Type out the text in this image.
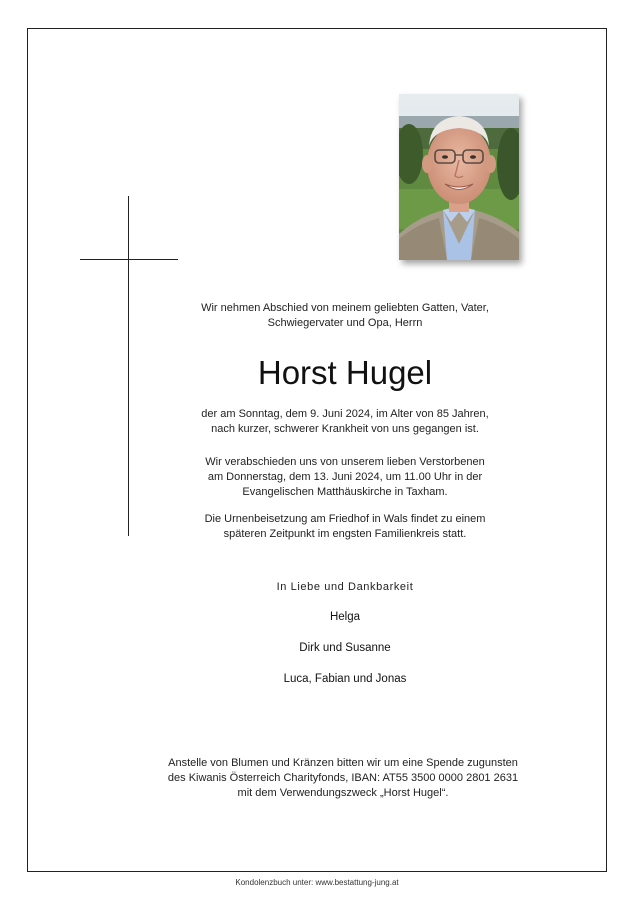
Wir nehmen Abschied von meinem geliebten Gatten, Vater,

Schwiegervater und Opa, Herrn

Horst Hugel

der am Sonntag, dem 9. Juni 2024, im Alter von 85 Jahren,

nach kurzer, schwerer Krankheit von uns gegangen ist.

Wir verabschieden uns von unserem lieben Verstorbenen

am Donnerstag, dem 13. Juni 2024, um 11.00 Uhr in der

Evangelischen Matthäuskirche in Taxham.

Die Urnenbeisetzung am Friedhof in Wals findet zu einem

späteren Zeitpunkt im engsten Familienkreis statt.

In Liebe und Dankbarkeit
Helga
Dirk und Susanne
Luca, Fabian und Jonas
Anstelle von Blumen und Kränzen bitten wir um eine Spende zugunsten
des Kiwanis Österreich Charityfonds, IBAN: AT55 3500 0000 2801 2631
mit dem Verwendungszweck „Horst Hugel“.
Kondolenzbuch unter: www.bestattung-jung.at
